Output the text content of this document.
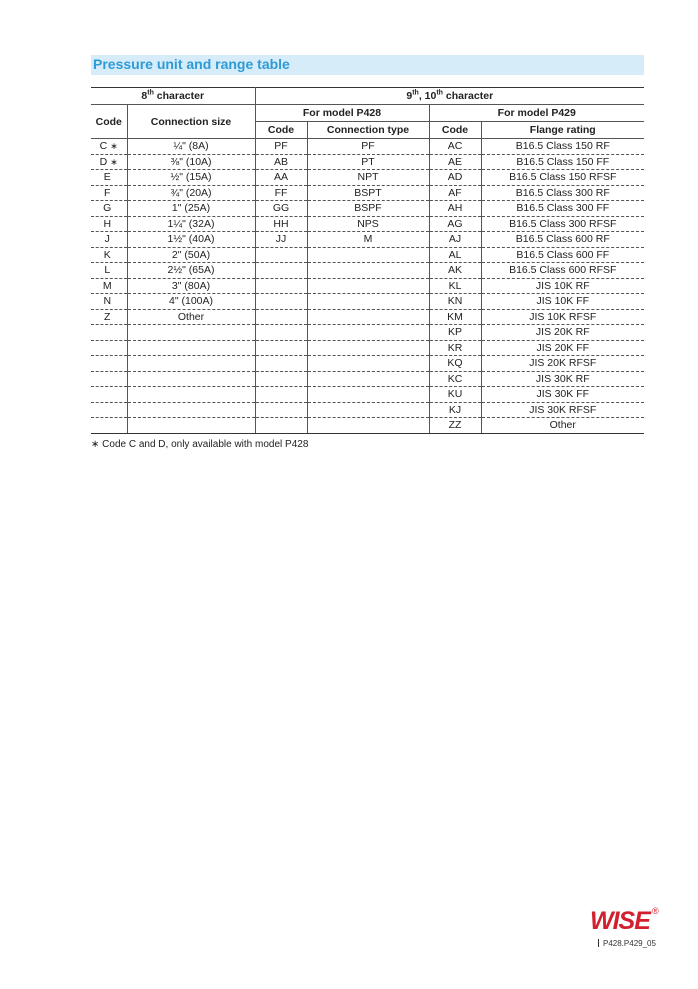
Pressure unit and range table
8th character		9th, 10th character			
Code	Connection size	For model P428		For model P429	
		Code	Connection type	Code	Flange rating
C ∗	¼" (8A)	PF	PF	AC	B16.5 Class 150 RF
D ∗	⅜" (10A)	AB	PT	AE	B16.5 Class 150 FF
E	½" (15A)	AA	NPT	AD	B16.5 Class 150 RFSF
F	¾" (20A)	FF	BSPT	AF	B16.5 Class 300 RF
G	1" (25A)	GG	BSPF	AH	B16.5 Class 300 FF
H	1¼" (32A)	HH	NPS	AG	B16.5 Class 300 RFSF
J	1½" (40A)	JJ	M	AJ	B16.5 Class 600 RF
K	2" (50A)			AL	B16.5 Class 600 FF
L	2½" (65A)			AK	B16.5 Class 600 RFSF
M	3" (80A)			KL	JIS 10K RF
N	4" (100A)			KN	JIS 10K FF
Z	Other			KM	JIS 10K RFSF
				KP	JIS 20K RF
				KR	JIS 20K FF
				KQ	JIS 20K RFSF
				KC	JIS 30K RF
				KU	JIS 30K FF
				KJ	JIS 30K RFSF
				ZZ	Other
∗ Code C and D, only available with model P428
WISE ®
P428.P429_05
